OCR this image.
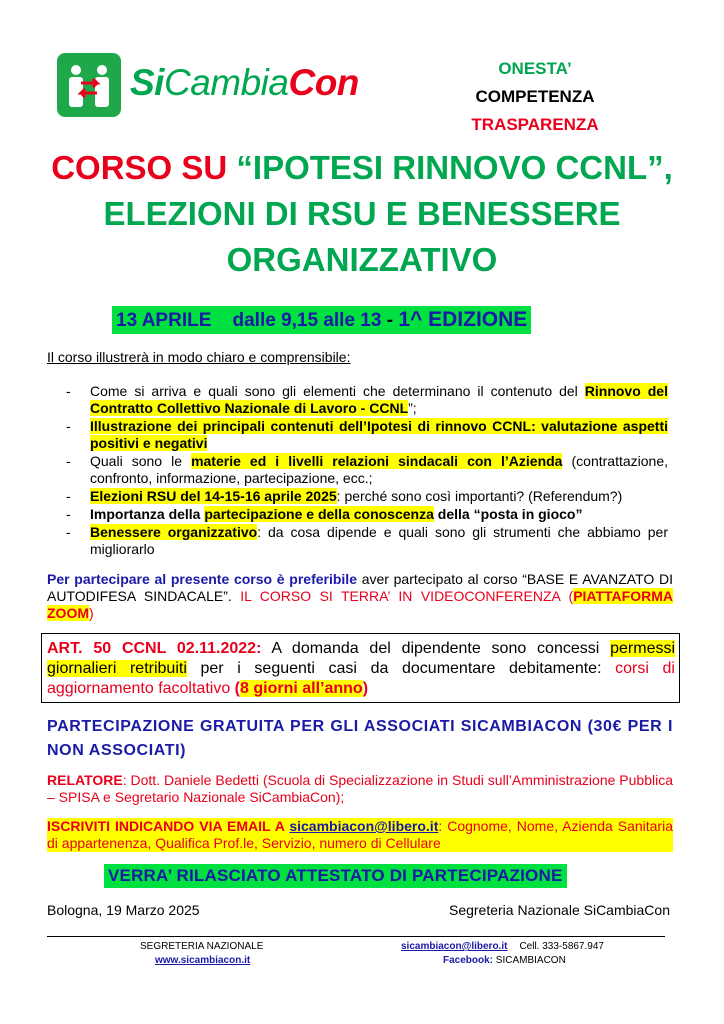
SiCambiaCon	ONESTA’
COMPETENZA
TRASPARENZA
CORSO SU “IPOTESI RINNOVO CCNL”, ELEZIONI DI RSU E BENESSERE ORGANIZZATIVO
13 APRILE    dalle 9,15 alle 13 - 1^ EDIZIONE
Il corso illustrerà in modo chiaro e comprensibile:
- Come si arriva e quali sono gli elementi che determinano il contenuto del Rinnovo del Contratto Collettivo Nazionale di Lavoro - CCNL”;
- Illustrazione dei principali contenuti dell’Ipotesi di rinnovo CCNL: valutazione aspetti positivi e negativi
- Quali sono le materie ed i livelli relazioni sindacali con l’Azienda (contrattazione, confronto, informazione, partecipazione, ecc.;
- Elezioni RSU del 14-15-16 aprile 2025: perché sono così importanti? (Referendum?)
- Importanza della partecipazione e della conoscenza della “posta in gioco”
- Benessere organizzativo: da cosa dipende e quali sono gli strumenti che abbiamo per migliorarlo
Per partecipare al presente corso è preferibile aver partecipato al corso “BASE E AVANZATO DI AUTODIFESA SINDACALE”. IL CORSO SI TERRA’ IN VIDEOCONFERENZA (PIATTAFORMA ZOOM)
ART. 50 CCNL 02.11.2022: A domanda del dipendente sono concessi permessi giornalieri retribuiti per i seguenti casi da documentare debitamente: corsi di aggiornamento facoltativo (8 giorni all’anno)
PARTECIPAZIONE GRATUITA PER GLI ASSOCIATI SICAMBIACON (30€ PER I NON ASSOCIATI)
RELATORE: Dott. Daniele Bedetti (Scuola di Specializzazione in Studi sull’Amministrazione Pubblica – SPISA e Segretario Nazionale SiCambiaCon);
ISCRIVITI INDICANDO VIA EMAIL A sicambiacon@libero.it: Cognome, Nome, Azienda Sanitaria di appartenenza, Qualifica Prof.le, Servizio, numero di Cellulare
VERRA’ RILASCIATO ATTESTATO DI PARTECIPAZIONE
Bologna, 19 Marzo 2025	Segreteria Nazionale SiCambiaCon
SEGRETERIA NAZIONALE
www.sicambiacon.it
sicambiacon@libero.it Cell. 333-5867.947
Facebook: SICAMBIACON
